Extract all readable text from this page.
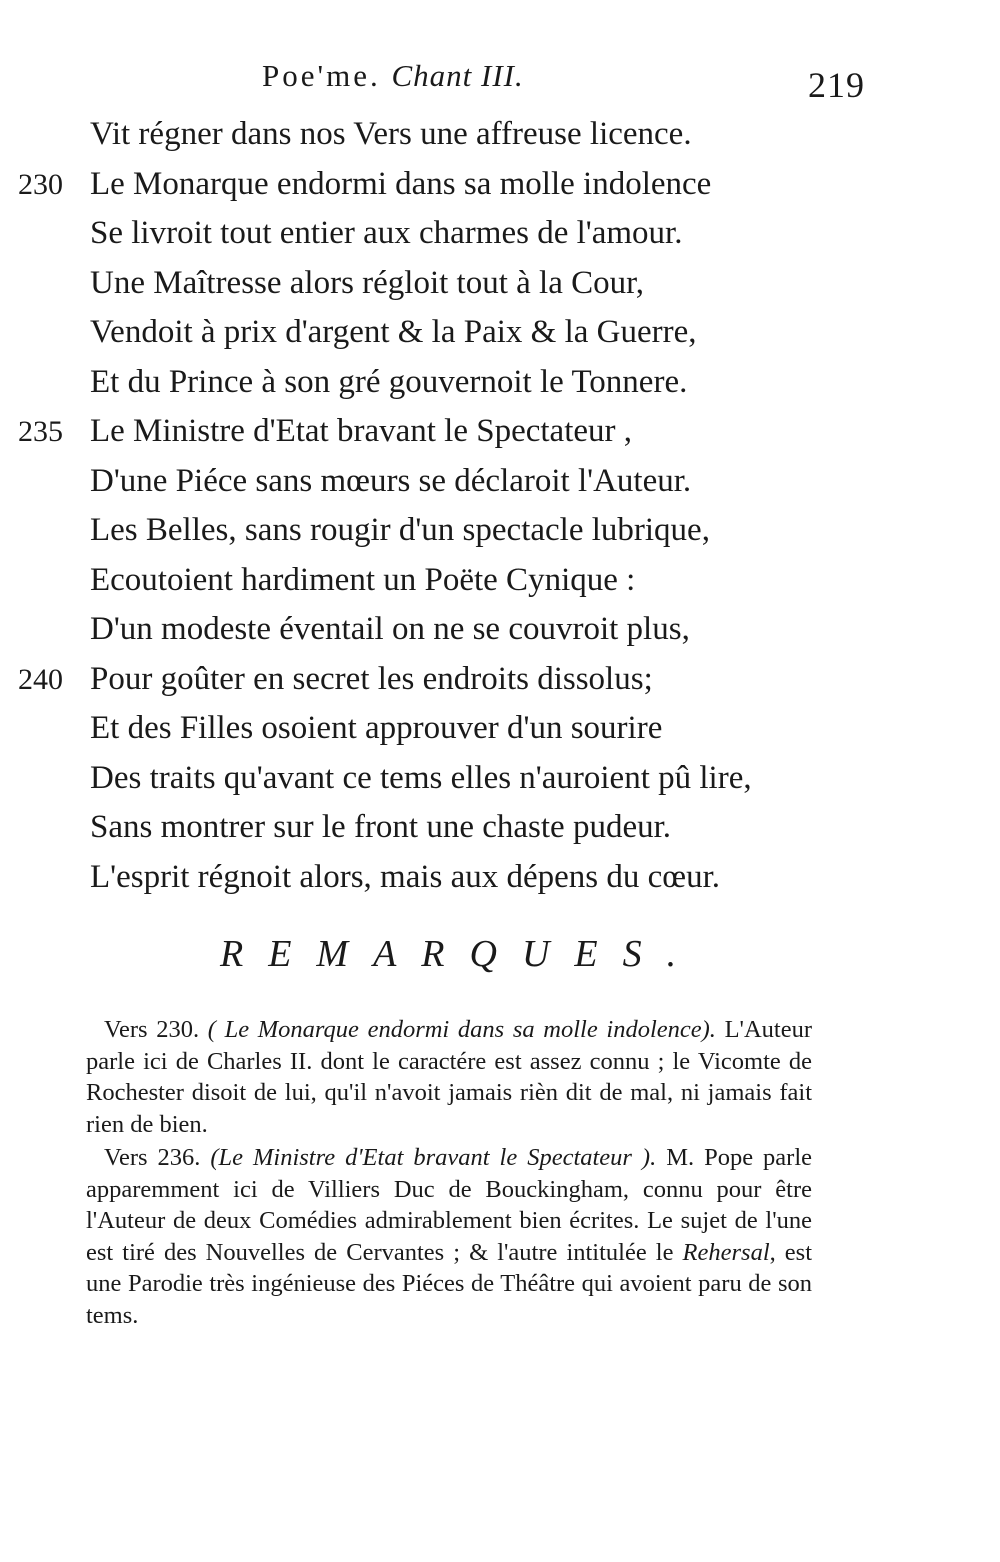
Poe'me. Chant III.	219
Vit régner dans nos Vers une affreuse licence.
230 Le Monarque endormi dans sa molle indolence
Se livroit tout entier aux charmes de l'amour.
Une Maîtresse alors régloit tout à la Cour,
Vendoit à prix d'argent & la Paix & la Guerre,
Et du Prince à son gré gouvernoit le Tonnere.
235 Le Ministre d'Etat bravant le Spectateur ,
D'une Piéce sans mœurs se déclaroit l'Auteur.
Les Belles, sans rougir d'un spectacle lubrique,
Ecoutoient hardiment un Poëte Cynique :
D'un modeste éventail on ne se couvroit plus,
240 Pour goûter en secret les endroits dissolus;
Et des Filles osoient approuver d'un sourire
Des traits qu'avant ce tems elles n'auroient pû lire,
Sans montrer sur le front une chaste pudeur.
L'esprit régnoit alors, mais aux dépens du cœur.
REMARQUES.

Vers 230. ( Le Monarque endormi dans sa molle indolence). L'Auteur parle ici de Charles II. dont le caractére est assez connu ; le Vicomte de Rochester disoit de lui, qu'il n'avoit jamais rièn dit de mal, ni jamais fait rien de bien.

Vers 236. (Le Ministre d'Etat bravant le Spectateur ). M. Pope parle apparemment ici de Villiers Duc de Bouckingham, connu pour être l'Auteur de deux Comédies admirablement bien écrites. Le sujet de l'une est tiré des Nouvelles de Cervantes ; & l'autre intitulée le Rehersal, est une Parodie très ingénieuse des Piéces de Théâtre qui avoient paru de son tems.
